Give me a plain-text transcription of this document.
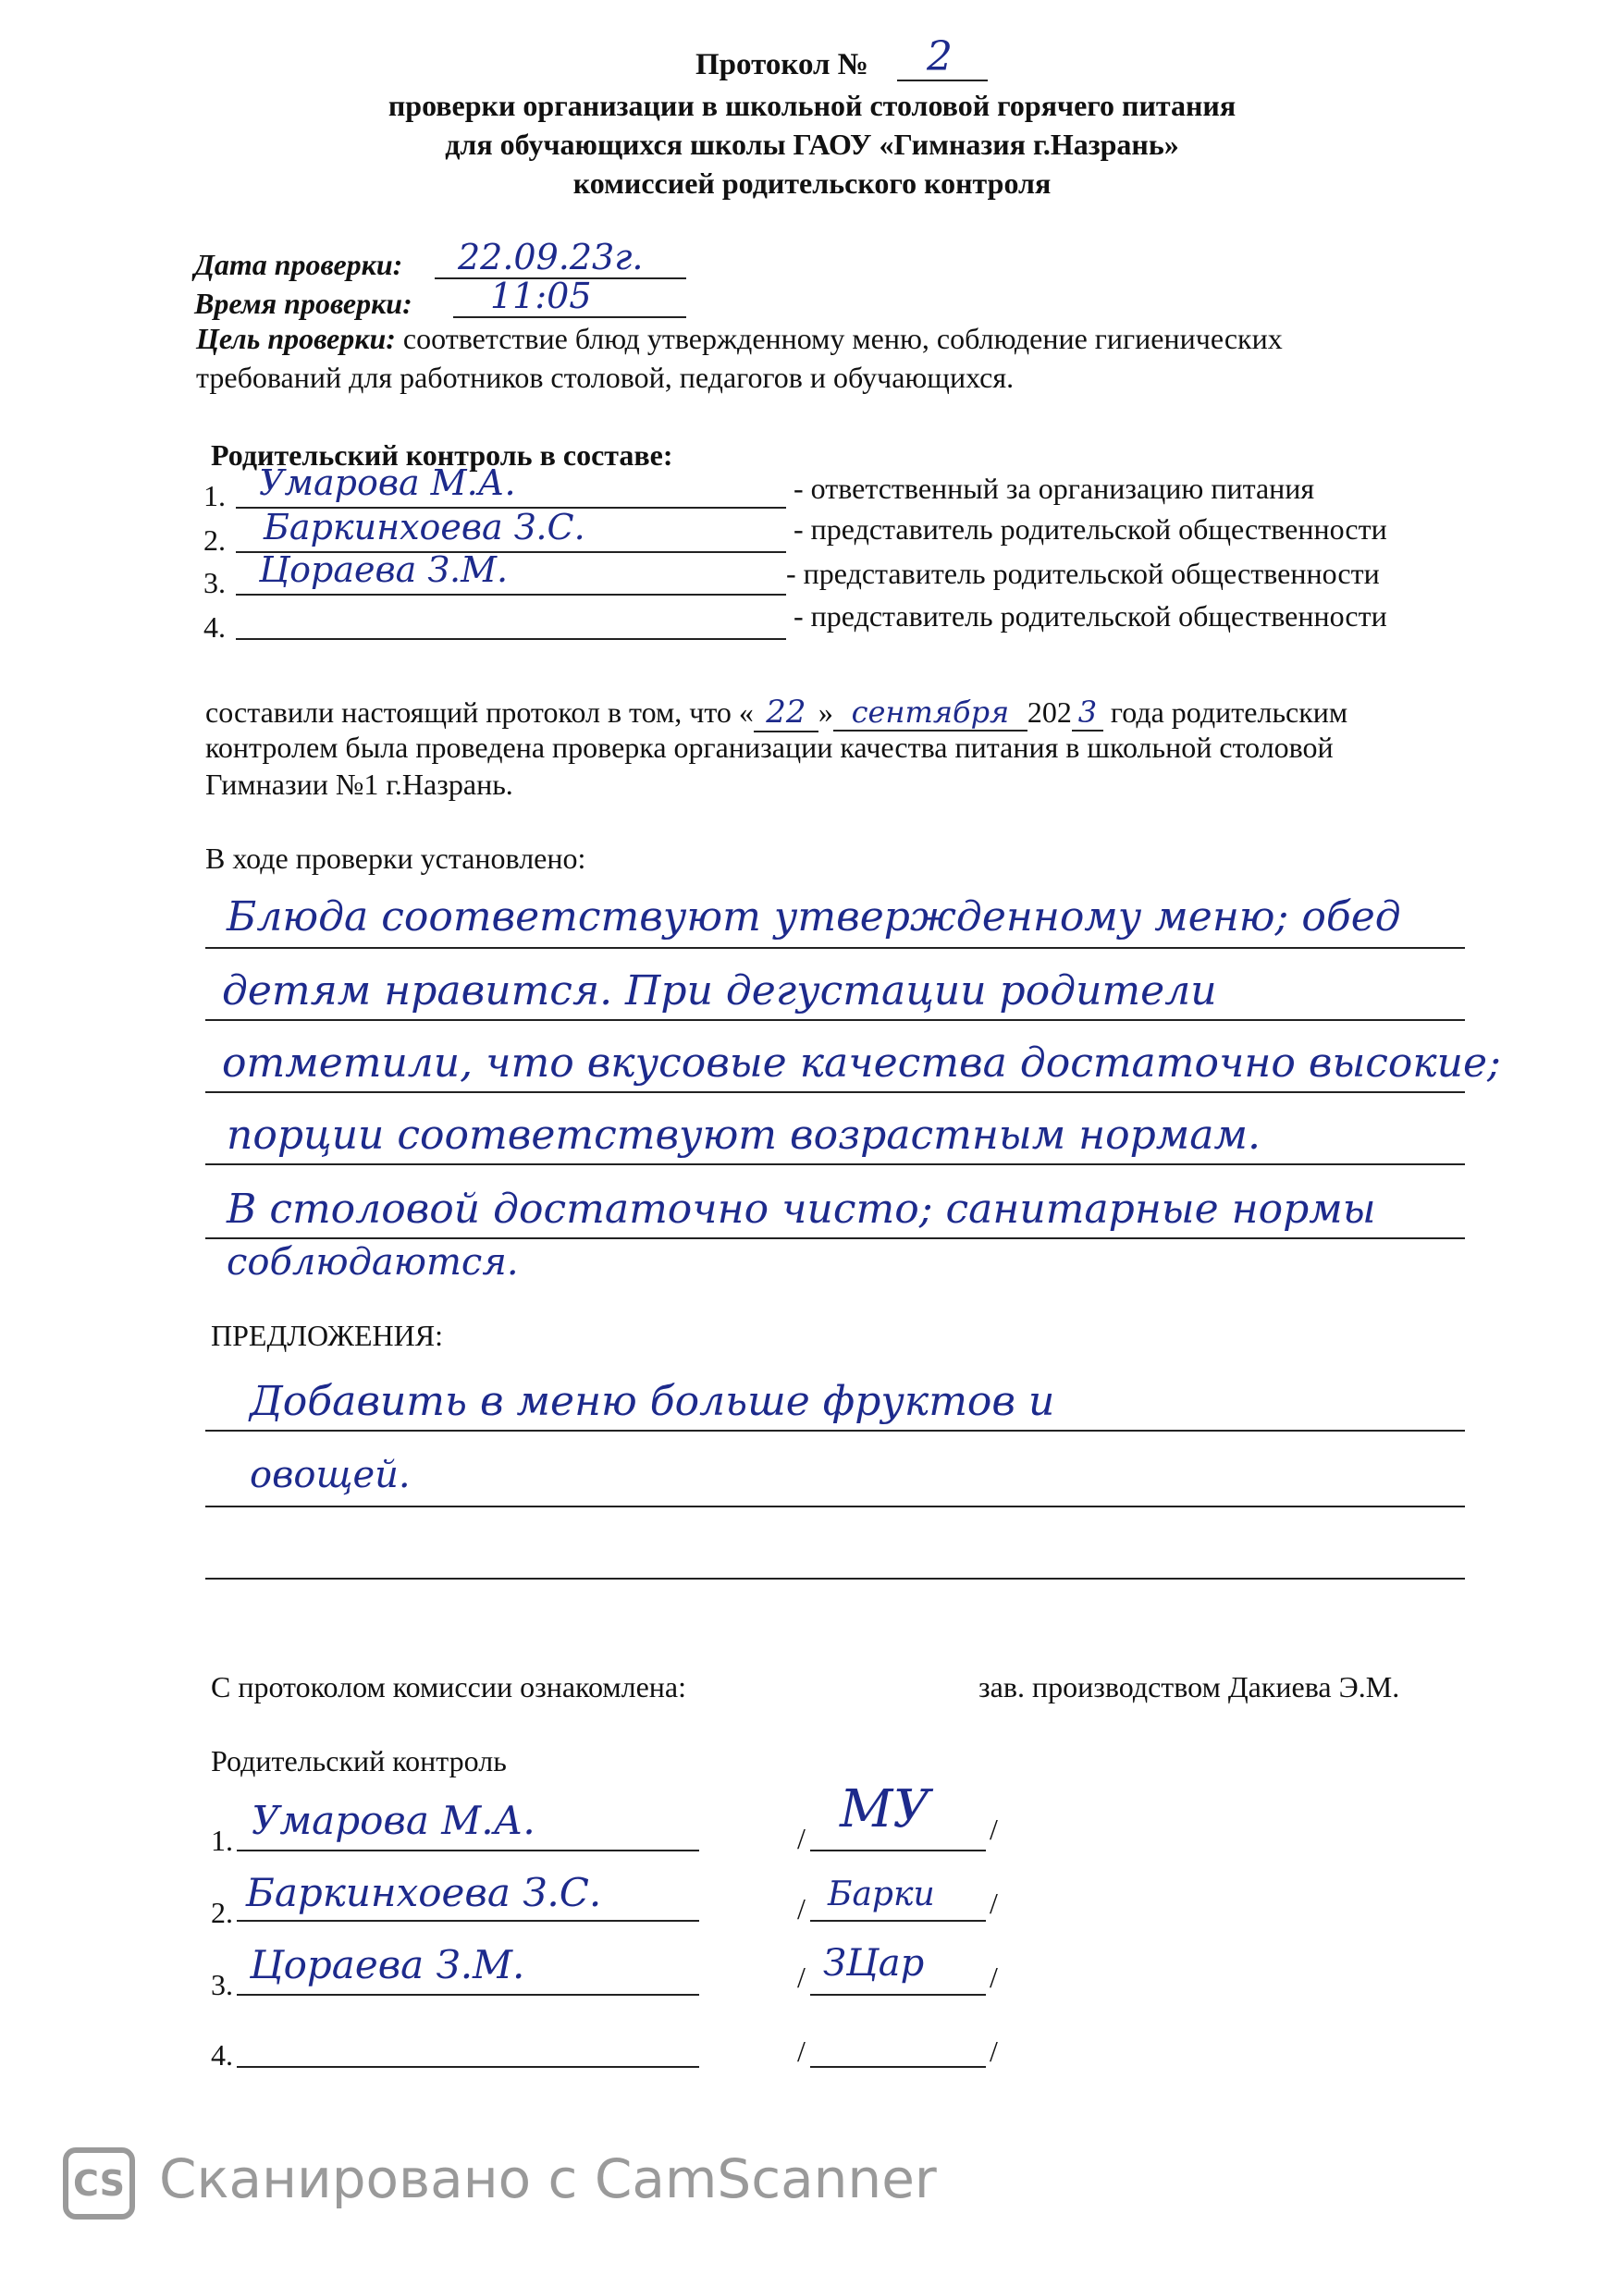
Протокол № 2
проверки организации в школьной столовой горячего питания
для обучающихся школы ГАОУ «Гимназия г.Назрань»
комиссией родительского контроля
Дата проверки: 22.09.23г.
Время проверки: 11:05
Цель проверки: соответствие блюд утвержденному меню, соблюдение гигиенических
требований для работников столовой, педагогов и обучающихся.
Родительский контроль в составе:
1. Умарова М.А.	- ответственный за организацию питания
2. Баркинхоева З.С.	- представитель родительской общественности
3. Цораева З.М.	- представитель родительской общественности
4.	- представитель родительской общественности
составили настоящий протокол в том, что « 22 » сентября 202 3 года родительским
контролем была проведена проверка организации качества питания в школьной столовой
Гимназии №1 г.Назрань.
В ходе проверки установлено:
Блюда соответствуют утвержденному меню; обед
детям нравится. При дегустации родители
отметили, что вкусовые качества достаточно высокие;
порции соответствуют возрастным нормам.
В столовой достаточно чисто; санитарные нормы
соблюдаются.
ПРЕДЛОЖЕНИЯ:
Добавить в меню больше фруктов и
овощей.
С протоколом комиссии ознакомлена:	зав. производством Дакиева Э.М.
Родительский контроль
1. Умарова М.А.	/ МУ /
2. Баркинхоева З.С.	/ Барки /
3. Цораева З.М.	/ ЗЦар /
4.	/	/
CS Сканировано с CamScanner
